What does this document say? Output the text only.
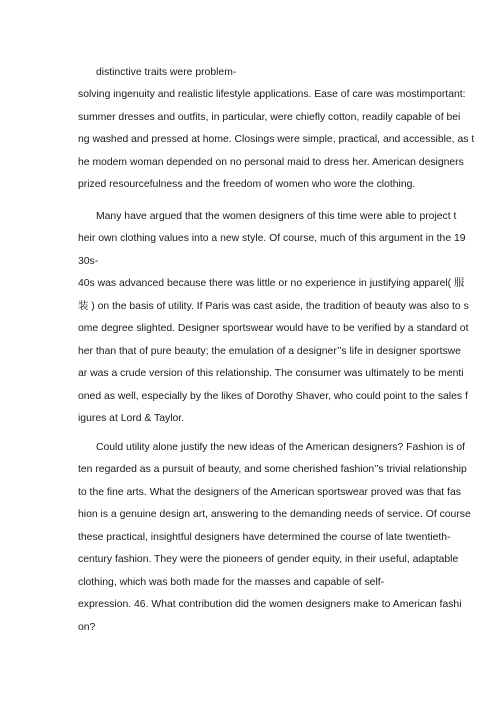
distinctive traits were problem-
solving ingenuity and realistic lifestyle applications. Ease of care was mostimportant:
summer dresses and outfits, in particular, were chiefly cotton, readily capable of bei
ng washed and pressed at home. Closings were simple, practical, and accessible, as t
he modem woman depended on no personal maid to dress her. American designers
prized resourcefulness and the freedom of women who wore the clothing.
Many have argued that the women designers of this time were able to project t
heir own clothing values into a new style. Of course, much of this argument in the 19
30s-
40s was advanced because there was little or no experience in justifying apparel( 服
装 ) on the basis of utility. If Paris was cast aside, the tradition of beauty was also to s
ome degree slighted. Designer sportswear would have to be verified by a standard ot
her than that of pure beauty; the emulation of a designer’’s life in designer sportswe
ar was a crude version of this relationship. The consumer was ultimately to be menti
oned as well, especially by the likes of Dorothy Shaver, who could point to the sales f
igures at Lord & Taylor.
Could utility alone justify the new ideas of the American designers? Fashion is of
ten regarded as a pursuit of beauty, and some cherished fashion’’s trivial relationship
to the fine arts. What the designers of the American sportswear proved was that fas
hion is a genuine design art, answering to the demanding needs of service. Of course
these practical, insightful designers have determined the course of late twentieth-
century fashion. They were the pioneers of gender equity, in their useful, adaptable
clothing, which was both made for the masses and capable of self-
expression. 46. What contribution did the women designers make to American fashi
on?
